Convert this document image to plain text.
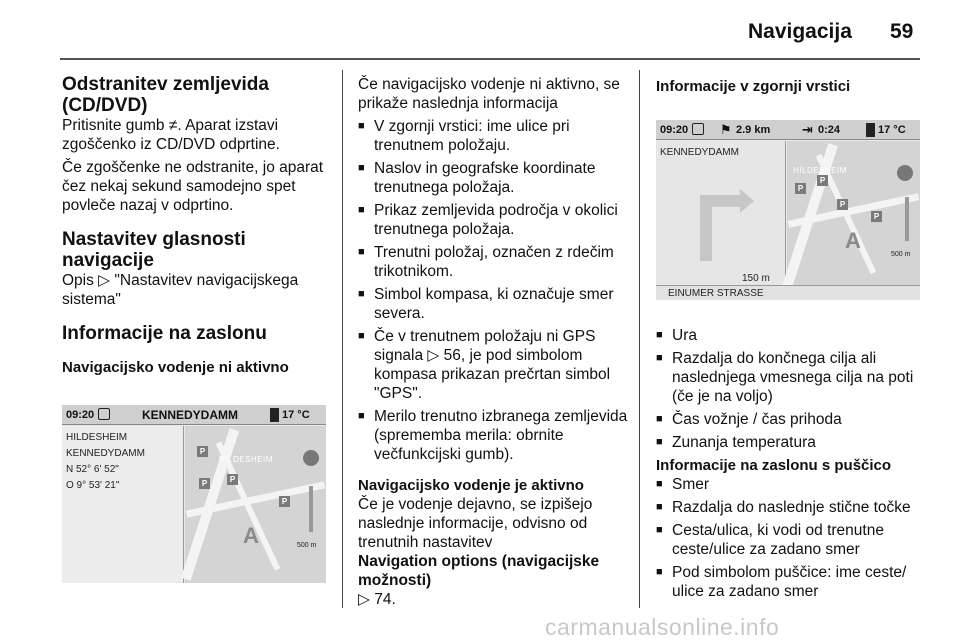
Navigacija 59
Odstranitev zemljevida (CD/DVD)

Pritisnite gumb ≠. Aparat izstavi zgoščenko iz CD/DVD odprtine.

Če zgoščenke ne odstranite, jo aparat čez nekaj sekund samodejno spet povleče nazaj v odprtino.

Nastavitev glasnosti navigacije

Opis ▷ "Nastavitev navigacijskega sistema"

Informacije na zaslonu
Navigacijsko vodenje ni aktivno
09:20	KENNEDYDAMM	17 °C
HILDESHEIM
KENNEDYDAMM
N 52° 6' 52"
O 9° 53' 21"
HILDESHEIM
P
P	P
P
A	500 m

Če navigacijsko vodenje ni aktivno, se prikaže naslednja informacija

■ V zgornji vrstici: ime ulice pri trenutnem položaju.
■ Naslov in geografske koordinate trenutnega položaja.
■ Prikaz zemljevida področja v okolici trenutnega položaja.
■ Trenutni položaj, označen z rdečim trikotnikom.
■ Simbol kompasa, ki označuje smer severa.
■ Če v trenutnem položaju ni GPS signala ▷ 56, je pod simbolom kompasa prikazan prečrtan simbol "GPS".
■ Merilo trenutno izbranega zemljevida (sprememba merila: obrnite večfunkcijski gumb).
Navigacijsko vodenje je aktivno

Če je vodenje dejavno, se izpišejo naslednje informacije, odvisno od trenutnih nastavitev

Navigation options (navigacijske možnosti)

▷ 74.

Informacije v zgornji vrstici
09:20 ⚑ 2.9 km ⇥ 0:24	17 °C
KENNEDYDAMM
150 m
HILDESHEIM
P
P
P
P
A
500 m
EINUMER STRASSE
■ Ura
■ Razdalja do končnega cilja ali naslednjega vmesnega cilja na poti (če je na voljo)
■ Čas vožnje / čas prihoda
■ Zunanja temperatura
Informacije na zaslonu s puščico
■ Smer
■ Razdalja do naslednje stične točke
■ Cesta/ulica, ki vodi od trenutne ceste/ulice za zadano smer
■ Pod simbolom puščice: ime ceste/ ulice za zadano smer
carmanualsonline.info
